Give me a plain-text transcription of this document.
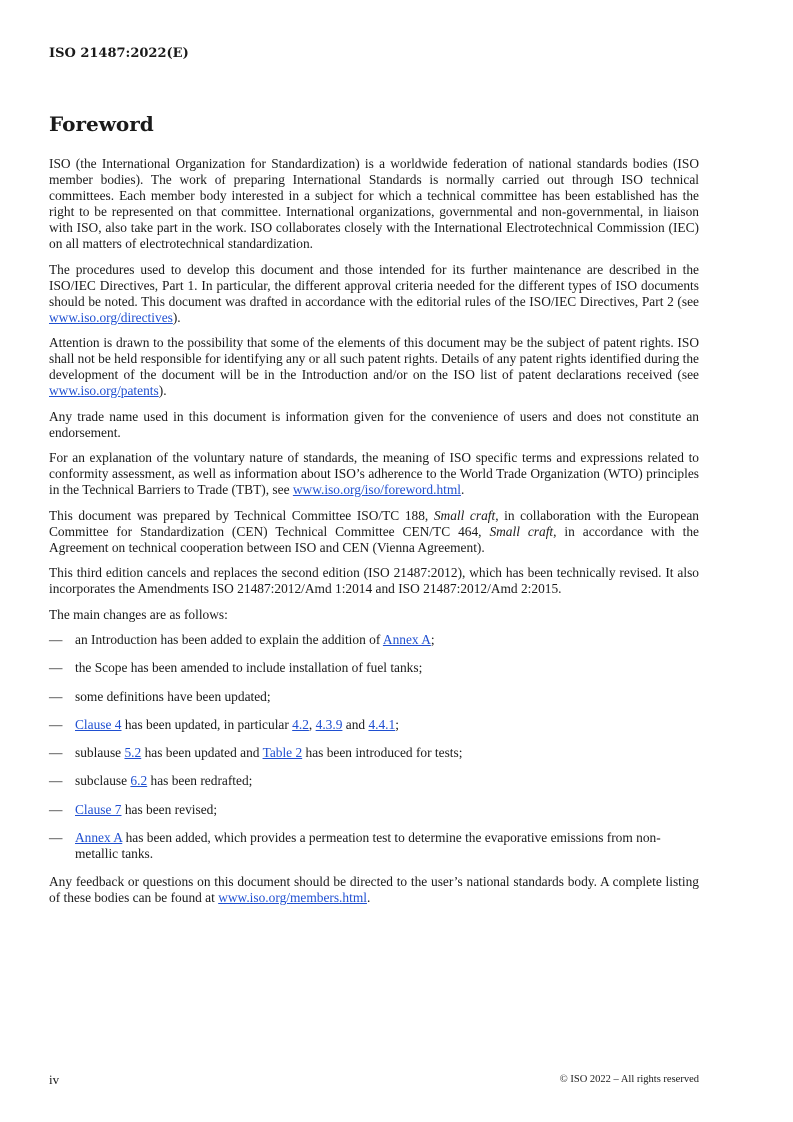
ISO 21487:2022(E)
Foreword

ISO (the International Organization for Standardization) is a worldwide federation of national standards bodies (ISO member bodies). The work of preparing International Standards is normally carried out through ISO technical committees. Each member body interested in a subject for which a technical committee has been established has the right to be represented on that committee. International organizations, governmental and non-governmental, in liaison with ISO, also take part in the work. ISO collaborates closely with the International Electrotechnical Commission (IEC) on all matters of electrotechnical standardization.

The procedures used to develop this document and those intended for its further maintenance are described in the ISO/IEC Directives, Part 1. In particular, the different approval criteria needed for the different types of ISO documents should be noted. This document was drafted in accordance with the editorial rules of the ISO/IEC Directives, Part 2 (see www.iso.org/directives).

Attention is drawn to the possibility that some of the elements of this document may be the subject of patent rights. ISO shall not be held responsible for identifying any or all such patent rights. Details of any patent rights identified during the development of the document will be in the Introduction and/or on the ISO list of patent declarations received (see www.iso.org/patents).

Any trade name used in this document is information given for the convenience of users and does not constitute an endorsement.

For an explanation of the voluntary nature of standards, the meaning of ISO specific terms and expressions related to conformity assessment, as well as information about ISO’s adherence to the World Trade Organization (WTO) principles in the Technical Barriers to Trade (TBT), see www.iso.org/iso/foreword.html.

This document was prepared by Technical Committee ISO/TC 188, Small craft, in collaboration with the European Committee for Standardization (CEN) Technical Committee CEN/TC 464, Small craft, in accordance with the Agreement on technical cooperation between ISO and CEN (Vienna Agreement).

This third edition cancels and replaces the second edition (ISO 21487:2012), which has been technically revised. It also incorporates the Amendments ISO 21487:2012/Amd 1:2014 and ISO 21487:2012/Amd 2:2015.

The main changes are as follows:

— an Introduction has been added to explain the addition of Annex A;
— the Scope has been amended to include installation of fuel tanks;
— some definitions have been updated;
— Clause 4 has been updated, in particular 4.2, 4.3.9 and 4.4.1;
— sublause 5.2 has been updated and Table 2 has been introduced for tests;
— subclause 6.2 has been redrafted;
— Clause 7 has been revised;
— Annex A has been added, which provides a permeation test to determine the evaporative emissions from non-metallic tanks.

Any feedback or questions on this document should be directed to the user’s national standards body. A complete listing of these bodies can be found at www.iso.org/members.html.

iv	© ISO 2022 – All rights reserved
